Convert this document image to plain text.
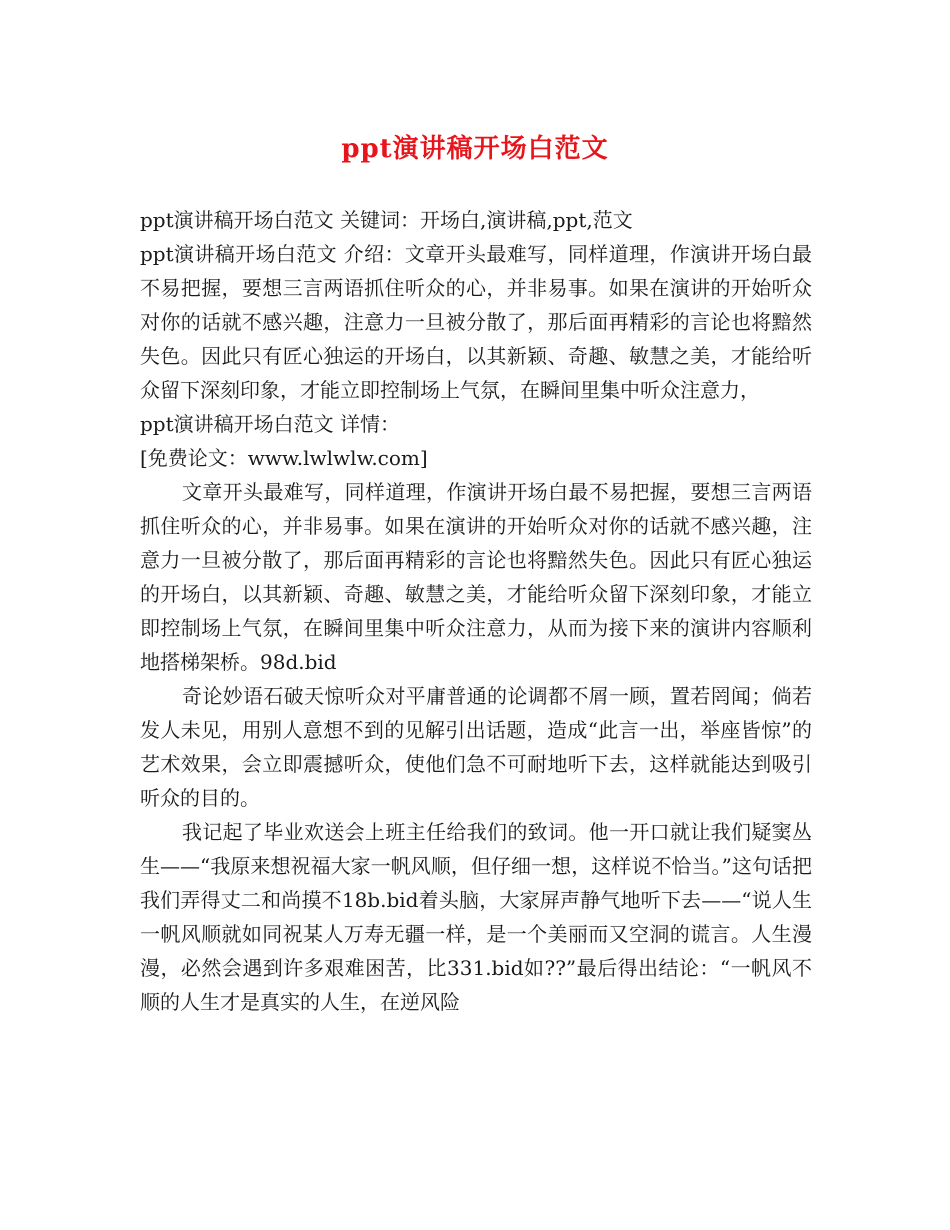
ppt演讲稿开场白范文

ppt演讲稿开场白范文 关键词：开场白,演讲稿,ppt,范文

ppt演讲稿开场白范文 介绍：文章开头最难写，同样道理，作演讲开场白最不易把握，要想三言两语抓住听众的心，并非易事。如果在演讲的开始听众对你的话就不感兴趣，注意力一旦被分散了，那后面再精彩的言论也将黯然失色。因此只有匠心独运的开场白，以其新颖、奇趣、敏慧之美，才能给听众留下深刻印象，才能立即控制场上气氛，在瞬间里集中听众注意力，

ppt演讲稿开场白范文 详情：

[免费论文：www.lwlwlw.com]

文章开头最难写，同样道理，作演讲开场白最不易把握，要想三言两语抓住听众的心，并非易事。如果在演讲的开始听众对你的话就不感兴趣，注意力一旦被分散了，那后面再精彩的言论也将黯然失色。因此只有匠心独运的开场白，以其新颖、奇趣、敏慧之美，才能给听众留下深刻印象，才能立即控制场上气氛，在瞬间里集中听众注意力，从而为接下来的演讲内容顺利地搭梯架桥。98d.bid

奇论妙语石破天惊听众对平庸普通的论调都不屑一顾，置若罔闻；倘若发人未见，用别人意想不到的见解引出话题，造成“此言一出，举座皆惊”的艺术效果，会立即震撼听众，使他们急不可耐地听下去，这样就能达到吸引听众的目的。

我记起了毕业欢送会上班主任给我们的致词。他一开口就让我们疑窦丛生——“我原来想祝福大家一帆风顺，但仔细一想，这样说不恰当。”这句话把我们弄得丈二和尚摸不18b.bid着头脑，大家屏声静气地听下去——“说人生一帆风顺就如同祝某人万寿无疆一样，是一个美丽而又空洞的谎言。人生漫漫，必然会遇到许多艰难困苦，比331.bid如??”最后得出结论：“一帆风不顺的人生才是真实的人生，在逆风险
